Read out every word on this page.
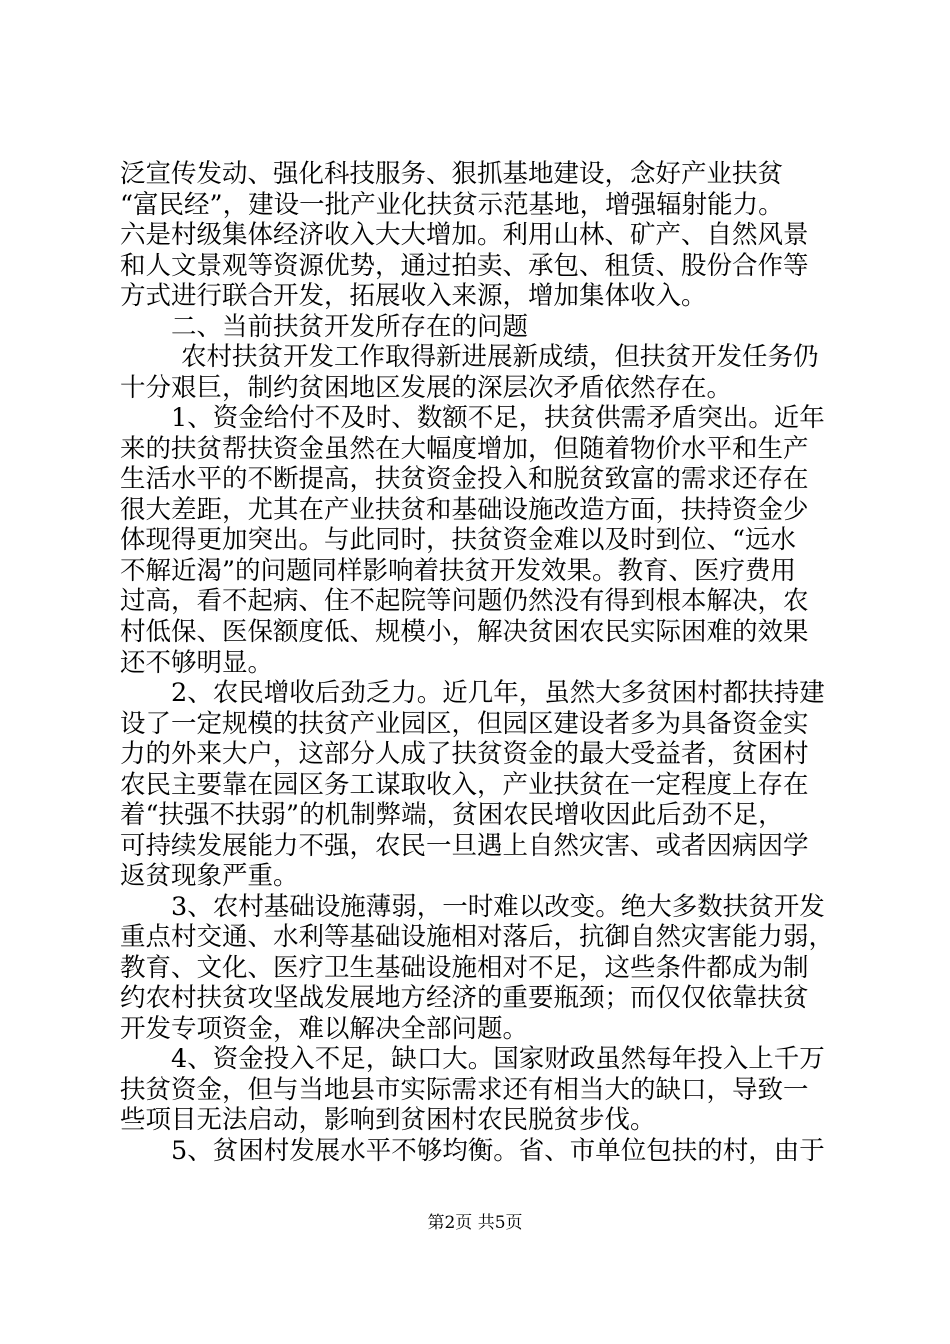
泛宣传发动、强化科技服务、狠抓基地建设，念好产业扶贫
“富民经”，建设一批产业化扶贫示范基地，增强辐射能力。
六是村级集体经济收入大大增加。利用山林、矿产、自然风景
和人文景观等资源优势，通过拍卖、承包、租赁、股份合作等
方式进行联合开发，拓展收入来源，增加集体收入。
二、当前扶贫开发所存在的问题
农村扶贫开发工作取得新进展新成绩，但扶贫开发任务仍
十分艰巨，制约贫困地区发展的深层次矛盾依然存在。
1、资金给付不及时、数额不足，扶贫供需矛盾突出。近年
来的扶贫帮扶资金虽然在大幅度增加，但随着物价水平和生产
生活水平的不断提高，扶贫资金投入和脱贫致富的需求还存在
很大差距，尤其在产业扶贫和基础设施改造方面，扶持资金少
体现得更加突出。与此同时，扶贫资金难以及时到位、“远水
不解近渴”的问题同样影响着扶贫开发效果。教育、医疗费用
过高，看不起病、住不起院等问题仍然没有得到根本解决，农
村低保、医保额度低、规模小，解决贫困农民实际困难的效果
还不够明显。
2、农民增收后劲乏力。近几年，虽然大多贫困村都扶持建
设了一定规模的扶贫产业园区，但园区建设者多为具备资金实
力的外来大户，这部分人成了扶贫资金的最大受益者，贫困村
农民主要靠在园区务工谋取收入，产业扶贫在一定程度上存在
着“扶强不扶弱”的机制弊端，贫困农民增收因此后劲不足，
可持续发展能力不强，农民一旦遇上自然灾害、或者因病因学
返贫现象严重。
3、农村基础设施薄弱，一时难以改变。绝大多数扶贫开发
重点村交通、水利等基础设施相对落后，抗御自然灾害能力弱，
教育、文化、医疗卫生基础设施相对不足，这些条件都成为制
约农村扶贫攻坚战发展地方经济的重要瓶颈；而仅仅依靠扶贫
开发专项资金，难以解决全部问题。
4、资金投入不足，缺口大。国家财政虽然每年投入上千万
扶贫资金，但与当地县市实际需求还有相当大的缺口，导致一
些项目无法启动，影响到贫困村农民脱贫步伐。
5、贫困村发展水平不够均衡。省、市单位包扶的村，由于
第2页 共5页
